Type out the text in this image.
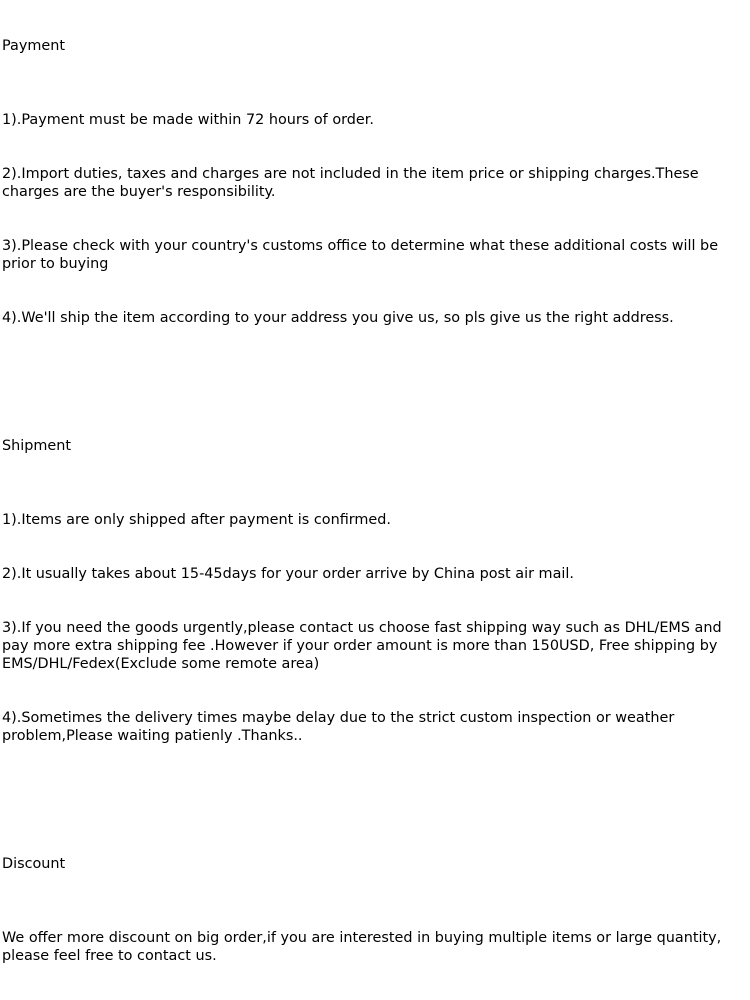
Payment

1).Payment must be made within 72 hours of order.

2).Import duties, taxes and charges are not included in the item price or shipping charges.These charges are the buyer's responsibility.

3).Please check with your country's customs office to determine what these additional costs will be prior to buying

4).We'll ship the item according to your address you give us, so pls give us the right address.

Shipment

1).Items are only shipped after payment is confirmed.

2).It usually takes about 15-45days for your order arrive by China post air mail.

3).If you need the goods urgently,please contact us choose fast shipping way such as DHL/EMS and pay more extra shipping fee .However if your order amount is more than 150USD, Free shipping by EMS/DHL/Fedex(Exclude some remote area)

4).Sometimes the delivery times maybe delay due to the strict custom inspection or weather problem,Please waiting patienly .Thanks..

Discount

We offer more discount on big order,if you are interested in buying multiple items or large quantity, please feel free to contact us.
